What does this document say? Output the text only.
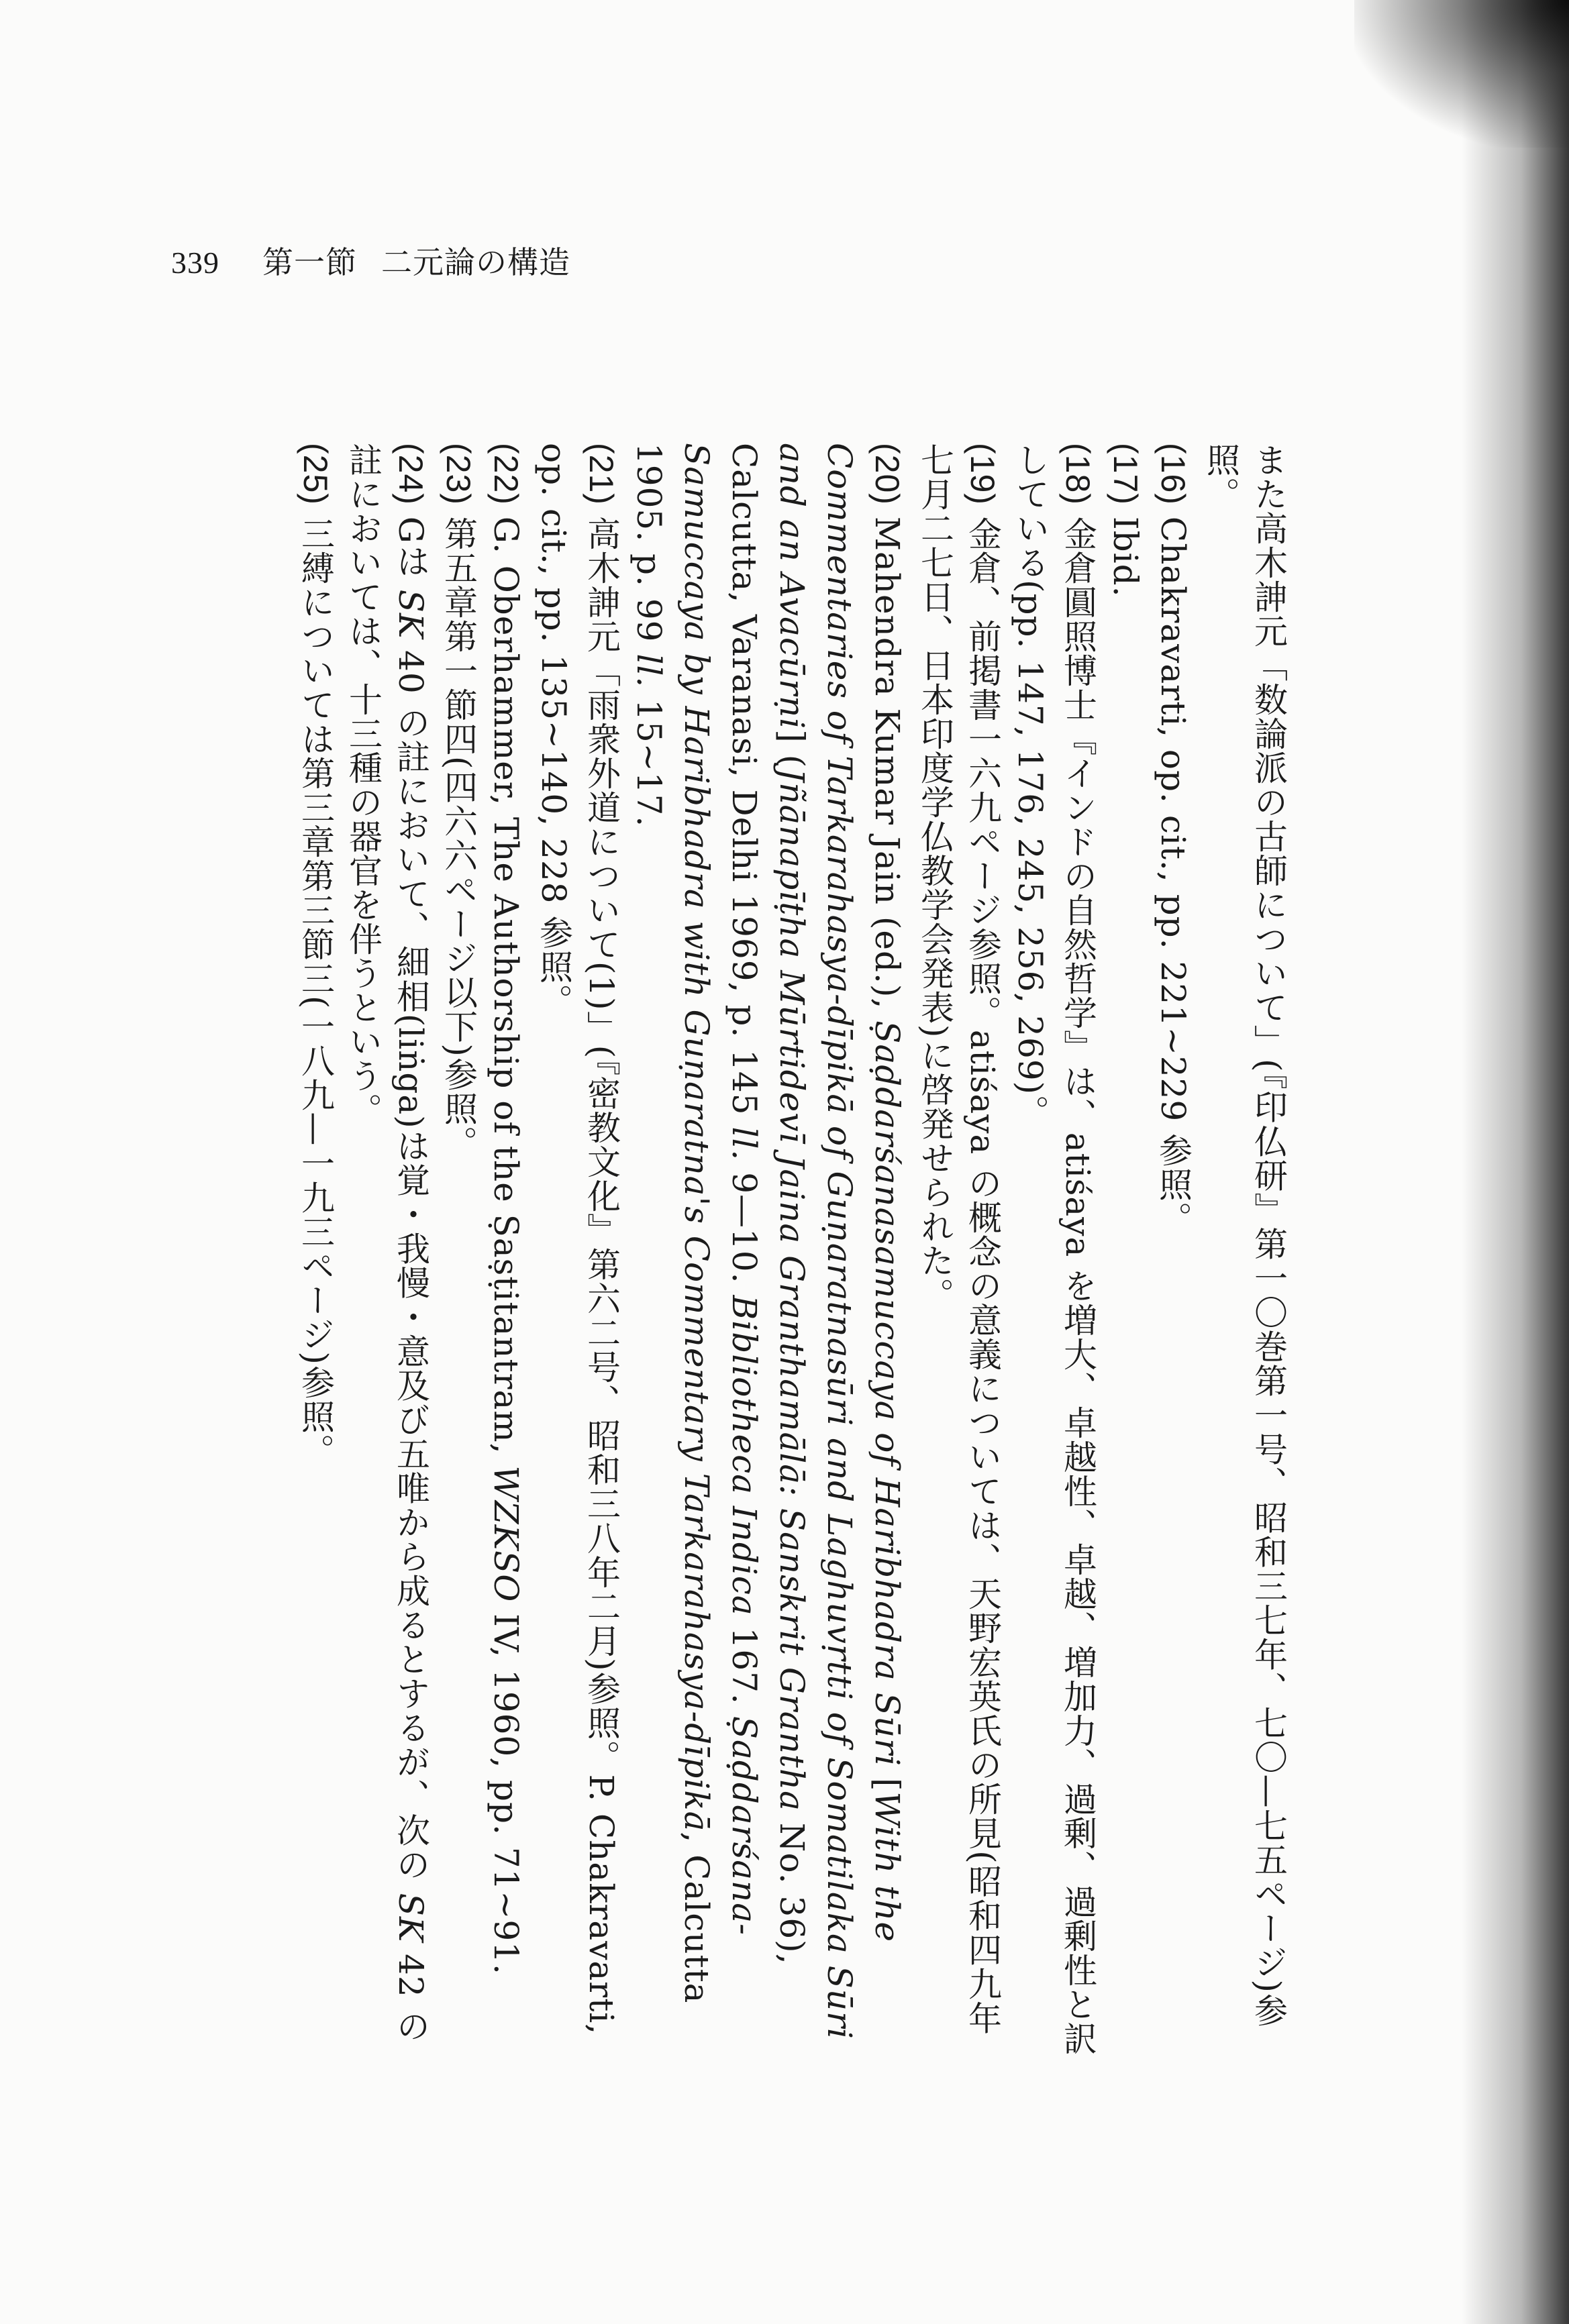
339 第一節 二元論の構造
また高木訷元「数論派の古師について」(『印仏研』第一〇巻第一号、昭和三七年、七〇—七五ページ)参照。
(16) Chakravarti, op. cit., pp. 221~229 参照。
(17) Ibid.
(18) 金倉圓照博士『インドの自然哲学』は、atiśaya を増大、卓越性、卓越、増加力、過剰、過剰性と訳している(pp. 147, 176, 245, 256, 269)。
(19) 金倉、前掲書一六九ページ参照。atiśaya の概念の意義については、天野宏英氏の所見(昭和四九年七月二七日、日本印度学仏教学会発表)に啓発せられた。
(20) Mahendra Kumar Jain (ed.), Ṣaḍdarśanasamuccaya of Haribhadra Sūri [With the Commentaries of Tarkarahasya-dīpikā of Guṇaratnasūri and Laghuvṛtti of Somatilaka Sūri and an Avacūrṇi] (Jñānapīṭha Mūrtidevī Jaina Granthamālā: Sanskrit Grantha No. 36), Calcutta, Varanasi, Delhi 1969, p. 145 ll. 9—10. Bibliotheca Indica 167. Ṣaḍdarśana-Samuccaya by Haribhadra with Guṇaratna's Commentary Tarkarahasya-dīpikā, Calcutta 1905. p. 99 ll. 15~17.
(21) 高木訷元「雨衆外道について(1)」(『密教文化』第六二号、昭和三八年二月)参照。P. Chakravarti, op. cit., pp. 135~140, 228 参照。
(22) G. Oberhammer, The Authorship of the Ṣaṣṭitantram, WZKSO IV, 1960, pp. 71~91.
(23) 第五章第一節四(四六六ページ以下)参照。
(24) Gは SK 40 の註において、細相(liṅga)は覚・我慢・意及び五唯から成るとするが、次の SK 42 の註においては、十三種の器官を伴うという。
(25) 三縛については第三章第三節三(一八九—一九三ページ)参照。
